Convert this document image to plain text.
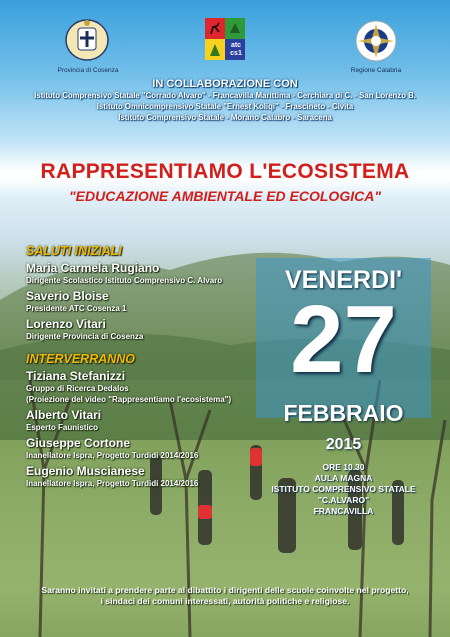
Provincia di Cosenza
atc cs1
Regione Calabria
IN COLLABORAZIONE CON
Istituto Comprensivo Statale "Corrado Alvaro" - Francavilla Marittima - Cerchiara di C. - San Lorenzo B.
Istituto Omnicomprensivo Statale "Ernest Koliqi" - Frascineto - Civita
Istituto Comprensivo Statale - Morano Calabro - Saracena
RAPPRESENTIAMO L'ECOSISTEMA
"EDUCAZIONE AMBIENTALE ED ECOLOGICA"
SALUTI INIZIALI
Maria Carmela Rugiano
Dirigente Scolastico Istituto Comprensivo C. Alvaro
Saverio Bloise
Presidente ATC Cosenza 1
Lorenzo Vitari
Dirigente Provincia di Cosenza
INTERVERRANNO
Tiziana Stefanizzi
Gruppo di Ricerca Dedalos
(Proiezione del video "Rappresentiamo l'ecosistema")
Alberto Vitari
Esperto Faunistico
Giuseppe Cortone
Inanellatore Ispra, Progetto Turdidi 2014/2016
Eugenio Muscianese
Inanellatore Ispra, Progetto Turdidi 2014/2016
VENERDI'
27
FEBBRAIO
2015
ORE 10.30
AULA MAGNA
ISTITUTO COMPRENSIVO STATALE
"C.ALVARO"
FRANCAVILLA
Saranno invitati a prendere parte al dibattito i dirigenti delle scuole coinvolte nel progetto,
i sindaci dei comuni interessati, autorità politiche e religiose.
